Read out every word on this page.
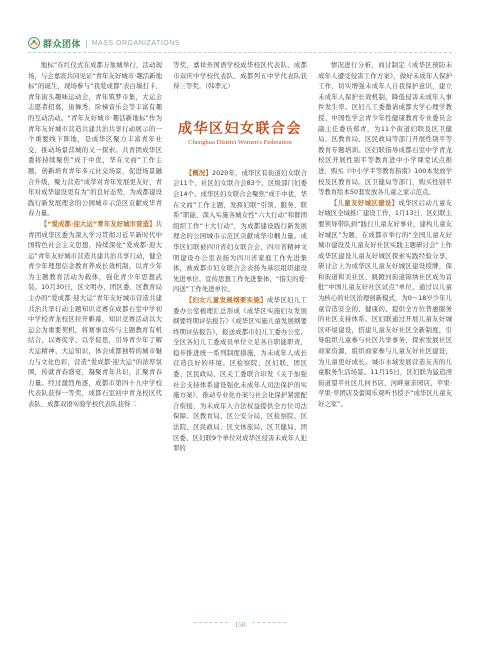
群众团体 | MASS ORGANIZATIONS

地标”在红仪式在成都万象城举行，活动现场，与会嘉宾共同见证“青年友好城市·趣活新地标”的诞生，现场参与“我爱成都”表白墙打卡，青年街头趣味运动会，青年筑梦市集，大运会志愿者招募，街舞秀，阶梯音乐会等丰富有趣的互动活动。“青年友好城市·趣活新地标”作为青年友好城市营造共建共治共享行动展示的一个重要线下阵地，是成华区聚力丰富青年社交，推动场景营城的又一探索。共青团成华区委将持续聚焦“成于中优，华在文商”工作主题，创新培育青年多元社交场景，促进场景融合升级，聚力营造“成华对青年发展更友好，青年对成华建设更有为”的良好态势，为成都建设践行新发展理念的公园城市示范区贡献成华青春力量。

【“爱成都·迎大运”青年友好城市营造】共青团成华区委为深入学习贯彻习近平新时代中国特色社会主义思想，持续深化“爱成都·迎大运”青年友好城市营造共建共治共享行动，健全青少年理想信念教育养成长效机制，以青少年为主题教育活动为载体，强化青少年思想武装。10月30日，区文明办、团区委、区教育局主办的“爱成都·迎大运”青年友好城市营造共建共治共享行动主题知识竞赛在成都石室中学初中学校青龙校区拉开帷幕，知识竞赛活动以大运会为重要契机，将赛事宣传与主题教育有机结合，以赛促学、以学促思，引导青少年了解大运精神、大运知识，体会成都独特的城市魅力与文化色彩，营造“爱成都·迎大运”的浓厚氛围，传就青春盛宴，凝聚青年共识，汇聚青春力量。经过激烈角逐，成都市第四十九中学校代表队获得一等奖，成都石室初中青龙校区代表队、成都双语实验学校代表队获得二

等奖，嘉祥外国语学校成华校区代表队、成都市双庆中学校代表队、成都列五中学代表队获得三等奖。（韩孝元）

成华区妇女联合会
Chenghua District Women's Federation

【概况】2020年，成华区有街道妇女联合会11个、社区妇女联合会83个、区级部门妇委会14个。成华区妇女联合会聚焦“成于中优，华在文商”工作主题，发挥妇联“引领、服务、联系”职能，深入实施各城女性“六大行动”和群团组织工作“十大行动”，为成都建设践行新发展理念的公园城市示范区贡献成华巾帼力量。成华区妇联被四川省妇女联合会、四川省精神文明建设办公室表扬为四川省家庭工作先进集体，被成都市妇女联合会表扬为基层组织建设先进单位、宣传思想工作先进集体、“指尖的爱·四送”工作先进单位。

【妇女儿童发展纲要实施】成华区妇儿工委办公室梳理汇总形成《成华区实施妇女发展纲要终期评估报告》《成华区实施儿童发展纲要终期评估报告》，报送成都市妇儿工委办公室。全区各妇儿工委成员单位立足各自职能职责，稳步推进统一系列制度措施，为未成年人成长营造良好的环境。区检察院、区妇联、团区委、区民政局、区关工委联合印发《关于加强社会支持体系建设强化未成年人司法保护的实施方案》，推动专业化办案与社会化保护紧密配合衔接，为未成年人合法权益提供全方位司法保障。区教育局、区公安分局、区检察院、区法院、区民政局、区文体旅局、区卫健局、团区委、区妇联9个单位对成华区侵害未成年人犯罪的

情况进行分析，商讨制定《成华区预防未成年人遭受侵害工作方案》，做好未成年人保护工作，切实增强未成年人自我保护意识，建立未成年人保护长效机制，降低侵害未成年人事件发生率。区妇儿工委邀请成都大学心理学教授、中国性学会青少年性健康教育专业委员会副主任委员郑青，为11个街道妇联及区卫健局、区教育局、区民政局等部门开展性别平等教育专题培训。区妇联指导成都石室中学青龙校区开展性别平等教育进中小学课堂试点推进，购买《中小学平等教育指南》100本发放学校及区教育局。区卫健局等部门，购买性别平等教育绘本50套发放各儿童之家示范点。

【儿童友好城区建设】成华区启动儿童友好城区全域推广建设工作，1月13日，区妇联主要领导带队到“践行儿童友好事业，建构儿童友好城区”为题，在成都市举行的“全国儿童友好城市建设及儿童友好社区实践主题研讨会”上作成华区建设儿童友好城区探索实践经验分享，研讨会上为成华区儿童友好城区建设授牌，保和街道和美社区、跳蹬河街道锦绣社区成为首批“中国儿童友好社区试点”单位，通过以儿童为核心的社区治理创新模式，为0～18岁少年儿童营造安全的、健康的、提供全方位普惠服务的社区支持体系。区妇联通过开展儿童友好城区环境建设，搭建儿童友好社区全新制度，引导组织儿童参与社区共享事务，探索发展社区商家资源，组织商家参与儿童友好社区建设，为儿童更好成长。城市水域发展营造友善的儿童服务生活场景。11月15日，区妇联为猛追湾街道望平社区几何书店、河畔童亲园店、苹果·苹果·苹团店及蕾阅乐观听书授予“成华区儿童友好之家”。

150
